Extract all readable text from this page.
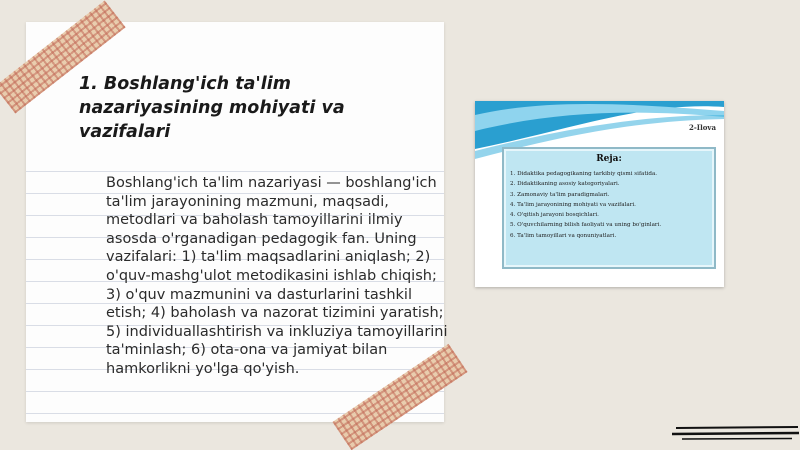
1. Boshlang'ich ta'lim nazariyasining mohiyati va vazifalari

Boshlang'ich ta'lim nazariyasi — boshlang'ich ta'lim jarayonining mazmuni, maqsadi, metodlari va baholash tamoyillarini ilmiy asosda o'rganadigan pedagogik fan. Uning vazifalari: 1) ta'lim maqsadlarini aniqlash; 2) o'quv-mashg'ulot metodikasini ishlab chiqish; 3) o'quv mazmunini va dasturlarini tashkil etish; 4) baholash va nazorat tizimini yaratish; 5) individuallashtirish va inkluziya tamoyillarini ta'minlash; 6) ota-ona va jamiyat bilan hamkorlikni yo'lga qo'yish.

2-Ilova
Reja:
1. Didaktika pedagogikaning tarkibiy qismi sifatida.
2. Didaktikaning asosiy kategoriyalari.
3. Zamonaviy ta'lim paradigmalari.
4. Ta'lim jarayonining mohiyati va vazifalari.
4. O'qitish jarayoni bosqichlari.
5. O'quvchilarning bilish faoliyati va uning bo'ginlari.
6. Ta'lim tamoyillari va qonuniyatlari.
